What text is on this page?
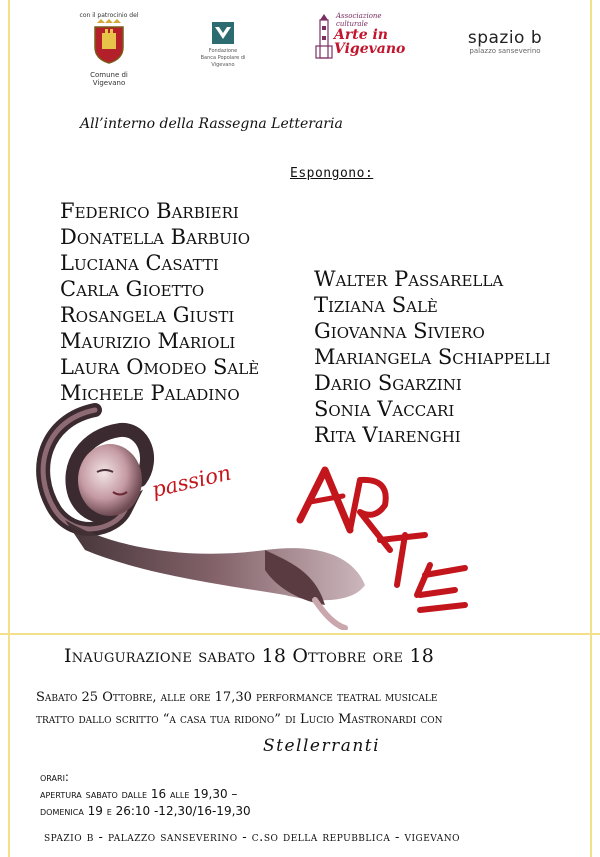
con il patrocinio del
Comune di Vigevano
Fondazione
Banca Popolare di Vigevano
Associazione culturale
Arte in
Vigevano
spazio b
palazzo sanseverino
All’interno della Rassegna Letteraria
Espongono:
Federico Barbieri
Donatella Barbuio
Luciana Casatti
Carla Gioetto
Rosangela Giusti
Maurizio Marioli
Laura Omodeo Salè
Michele Paladino
Walter Passarella
Tiziana Salè
Giovanna Siviero
Mariangela Schiappelli
Dario Sgarzini
Sonia Vaccari
Rita Viarenghi
passion
Inaugurazione sabato 18 Ottobre ore 18
Sabato 25 Ottobre, alle ore 17,30 performance teatral musicale
tratto dallo scritto “a casa tua ridono” di Lucio Mastronardi con
Stellerranti
orari:
apertura sabato dalle 16 alle 19,30 –
domenica 19 e 26:10 -12,30/16-19,30
spazio b - palazzo sanseverino - c.so della repubblica - vigevano
